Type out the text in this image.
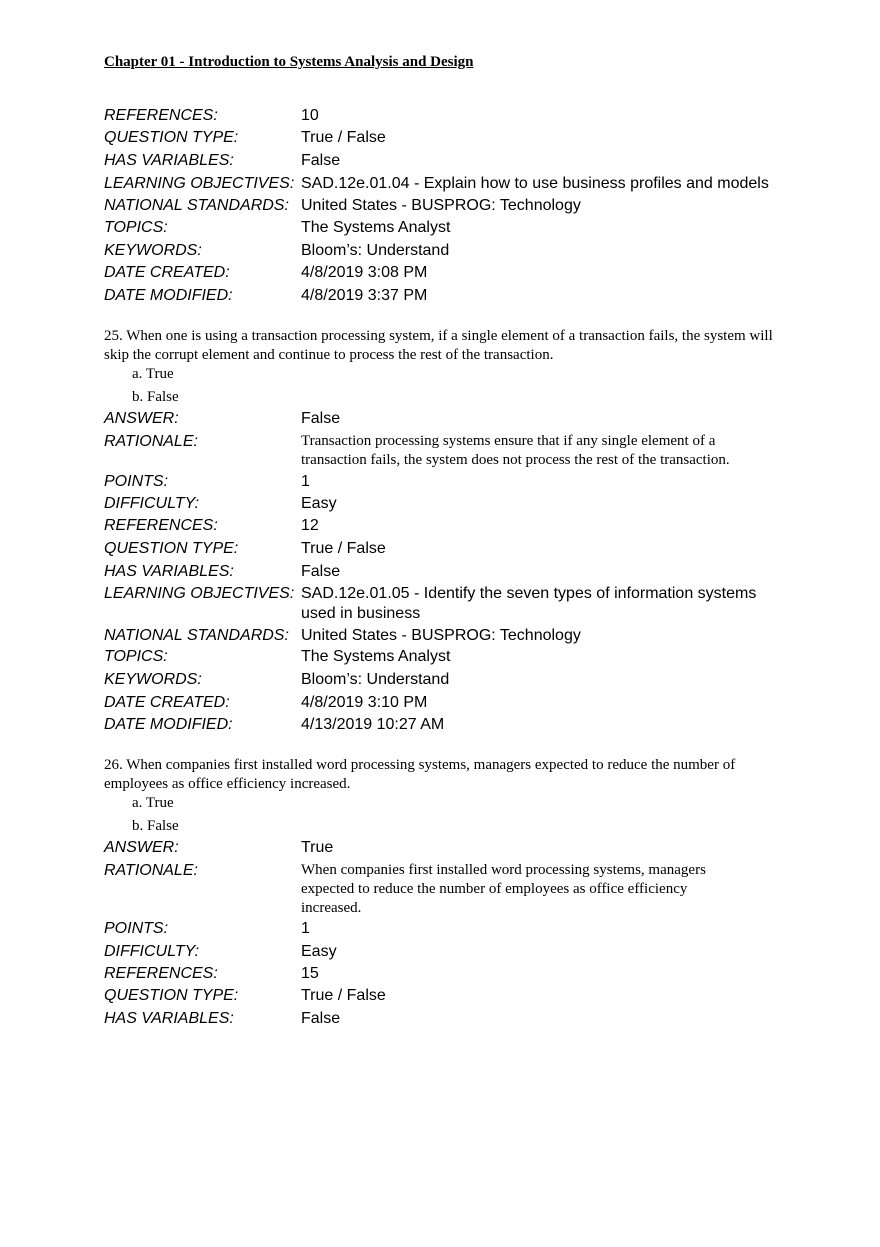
Chapter 01 - Introduction to Systems Analysis and Design
REFERENCES:	10
QUESTION TYPE:	True / False
HAS VARIABLES:	False
LEARNING OBJECTIVES: SAD.12e.01.04 - Explain how to use business profiles and models
NATIONAL STANDARDS: United States - BUSPROG: Technology
TOPICS:	The Systems Analyst
KEYWORDS:	Bloom’s: Understand
DATE CREATED:	4/8/2019 3:08 PM
DATE MODIFIED:	4/8/2019 3:37 PM
25. When one is using a transaction processing system, if a single element of a transaction fails, the system will skip the corrupt element and continue to process the rest of the transaction.
a. True
b. False
ANSWER:	False
RATIONALE:	Transaction processing systems ensure that if any single element of a transaction fails, the system does not process the rest of the transaction.
POINTS:	1
DIFFICULTY:	Easy
REFERENCES:	12
QUESTION TYPE:	True / False
HAS VARIABLES:	False
LEARNING OBJECTIVES: SAD.12e.01.05 - Identify the seven types of information systems used in business
NATIONAL STANDARDS: United States - BUSPROG: Technology
TOPICS:	The Systems Analyst
KEYWORDS:	Bloom’s: Understand
DATE CREATED:	4/8/2019 3:10 PM
DATE MODIFIED:	4/13/2019 10:27 AM
26. When companies first installed word processing systems, managers expected to reduce the number of employees as office efficiency increased.
a. True
b. False
ANSWER:	True
RATIONALE:	When companies first installed word processing systems, managers expected to reduce the number of employees as office efficiency increased.
POINTS:	1
DIFFICULTY:	Easy
REFERENCES:	15
QUESTION TYPE:	True / False
HAS VARIABLES:	False
